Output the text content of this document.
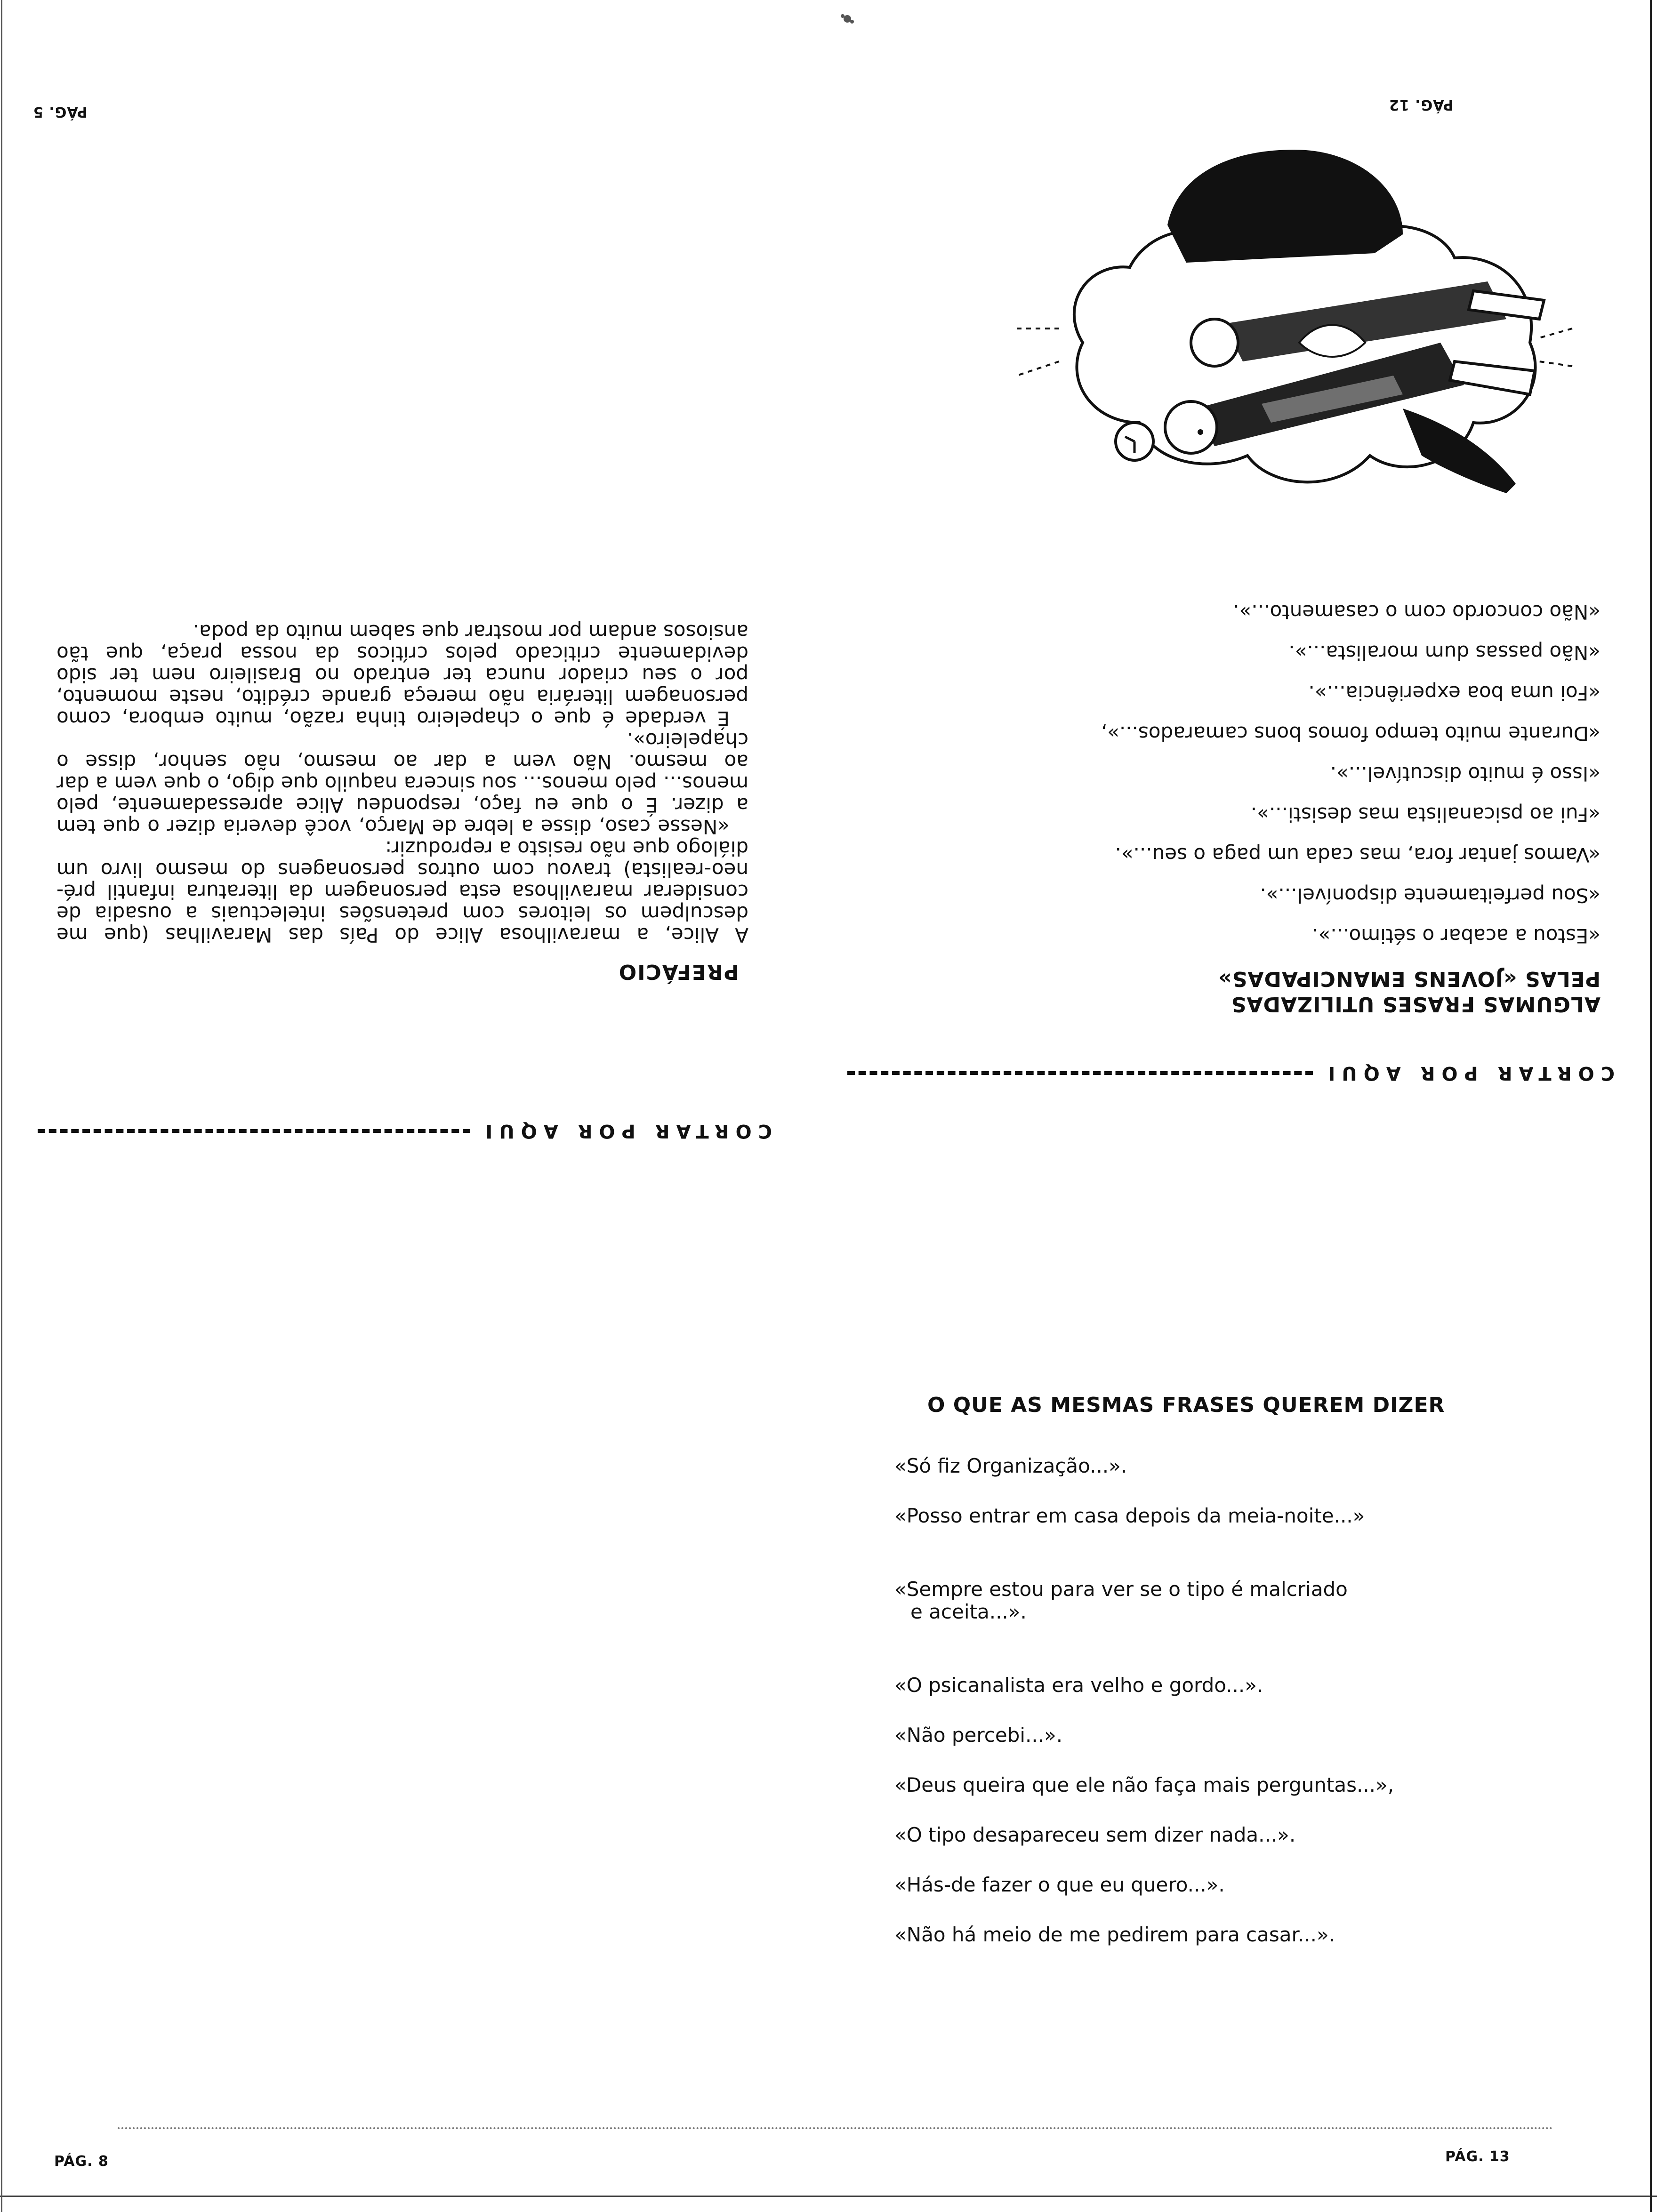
PÁG. 5	PÁG. 12
PREFÁCIO

A Alice, a maravilhosa Alice do País das Maravilhas (que me desculpem os leitores com pretensões intelectuais a ousadia de considerar maravilhosa esta personagem da literatura infantil pré-neo-realista) travou com outros personagens do mesmo livro um diálogo que não resisto a reproduzir:

«Nesse caso, disse a lebre de Março, você deveria dizer o que tem a dizer. É o que eu faço, respondeu Alice apressadamente, pelo menos... pelo menos... sou sincera naquilo que digo, o que vem a dar ao mesmo. Não vem a dar ao mesmo, não senhor, disse o chapeleiro».

É verdade é que o chapeleiro tinha razão, muito embora, como personagem literária não mereça grande crédito, neste momento, por o seu criador nunca ter entrado no Brasileiro nem ter sido devidamente criticado pelos críticos da nossa praça, que tão ansiosos andam por mostrar que sabem muito da poda.

CORTAR POR AQUI
ALGUMAS FRASES UTILIZADAS
PELAS «JOVENS EMANCIPADAS»
«Estou a acabar o sétimo...».
«Sou perfeitamente disponível...».
«Vamos jantar fora, mas cada um paga o seu...».
«Fui ao psicanalista mas desisti...».
«Isso é muito discutível...».
«Durante muito tempo fomos bons camarados...»,
«Foi uma boa experiência...».
«Não passas dum moralista...».
«Não concordo com o casamento...».
CORTAR POR AQUI
O QUE AS MESMAS FRASES QUEREM DIZER
«Só fiz Organização...».
«Posso entrar em casa depois da meia-noite...»
«Sempre estou para ver se o tipo é malcriado
e aceita...».
«O psicanalista era velho e gordo...».
«Não percebi...».
«Deus queira que ele não faça mais perguntas...»,
«O tipo desapareceu sem dizer nada...».
«Hás-de fazer o que eu quero...».
«Não há meio de me pedirem para casar...».
PÁG. 8	PÁG. 13
